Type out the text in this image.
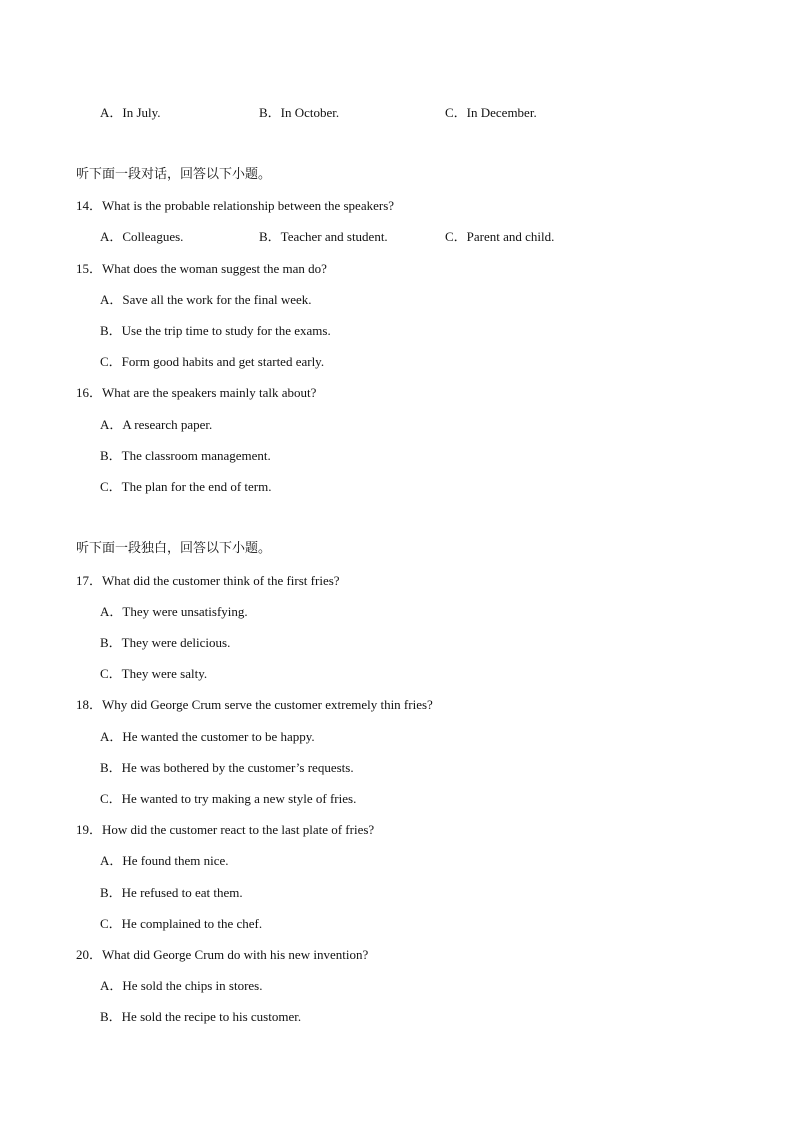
A．In July.	B．In October.	C．In December.
听下面一段对话，回答以下小题。
14．What is the probable relationship between the speakers?
A．Colleagues.	B．Teacher and student.	C．Parent and child.
15．What does the woman suggest the man do?
A．Save all the work for the final week.
B．Use the trip time to study for the exams.
C．Form good habits and get started early.
16．What are the speakers mainly talk about?
A．A research paper.
B．The classroom management.
C．The plan for the end of term.
听下面一段独白，回答以下小题。
17．What did the customer think of the first fries?
A．They were unsatisfying.
B．They were delicious.
C．They were salty.
18．Why did George Crum serve the customer extremely thin fries?
A．He wanted the customer to be happy.
B．He was bothered by the customer’s requests.
C．He wanted to try making a new style of fries.
19．How did the customer react to the last plate of fries?
A．He found them nice.
B．He refused to eat them.
C．He complained to the chef.
20．What did George Crum do with his new invention?
A．He sold the chips in stores.
B．He sold the recipe to his customer.
